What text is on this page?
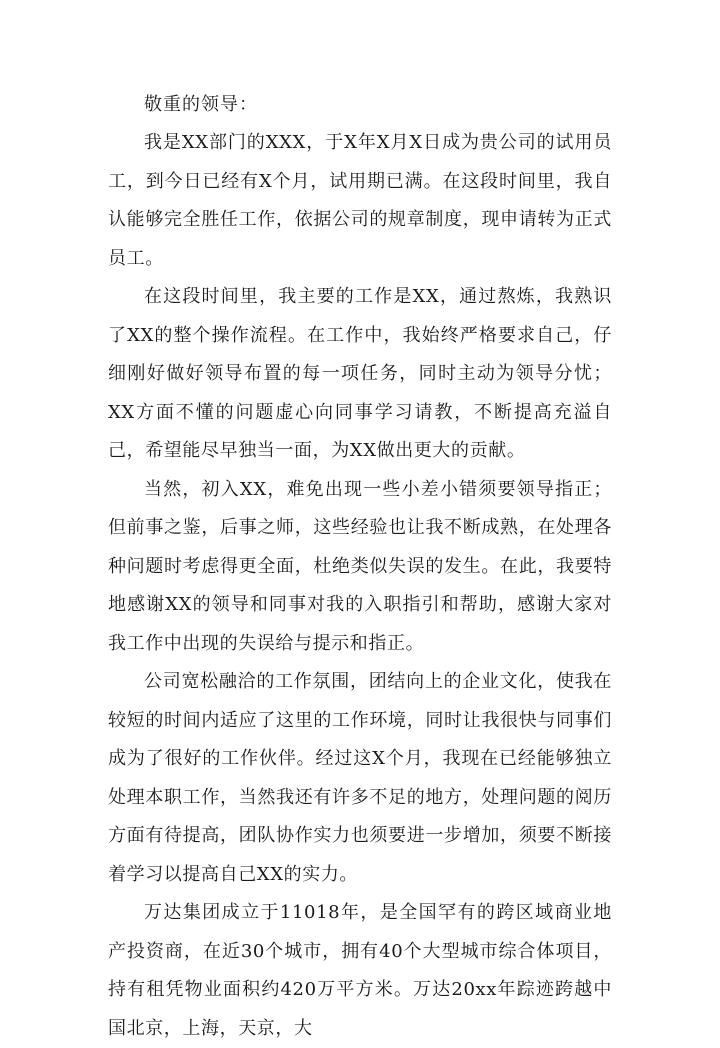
敬重的领导：

我是XX部门的XXX，于X年X月X日成为贵公司的试用员工，到今日已经有X个月，试用期已满。在这段时间里，我自认能够完全胜任工作，依据公司的规章制度，现申请转为正式员工。

在这段时间里，我主要的工作是XX，通过熬炼，我熟识了XX的整个操作流程。在工作中，我始终严格要求自己，仔细刚好做好领导布置的每一项任务，同时主动为领导分忧；XX方面不懂的问题虚心向同事学习请教，不断提高充溢自己，希望能尽早独当一面，为XX做出更大的贡献。

当然，初入XX，难免出现一些小差小错须要领导指正；但前事之鉴，后事之师，这些经验也让我不断成熟，在处理各种问题时考虑得更全面，杜绝类似失误的发生。在此，我要特地感谢XX的领导和同事对我的入职指引和帮助，感谢大家对我工作中出现的失误给与提示和指正。

公司宽松融洽的工作氛围，团结向上的企业文化，使我在较短的时间内适应了这里的工作环境，同时让我很快与同事们成为了很好的工作伙伴。经过这X个月，我现在已经能够独立处理本职工作，当然我还有许多不足的地方，处理问题的阅历方面有待提高，团队协作实力也须要进一步增加，须要不断接着学习以提高自己XX的实力。

万达集团成立于11018年，是全国罕有的跨区域商业地产投资商，在近30个城市，拥有40个大型城市综合体项目，持有租凭物业面积约420万平方米。万达20xx年踪迹跨越中国北京，上海，天京，大
